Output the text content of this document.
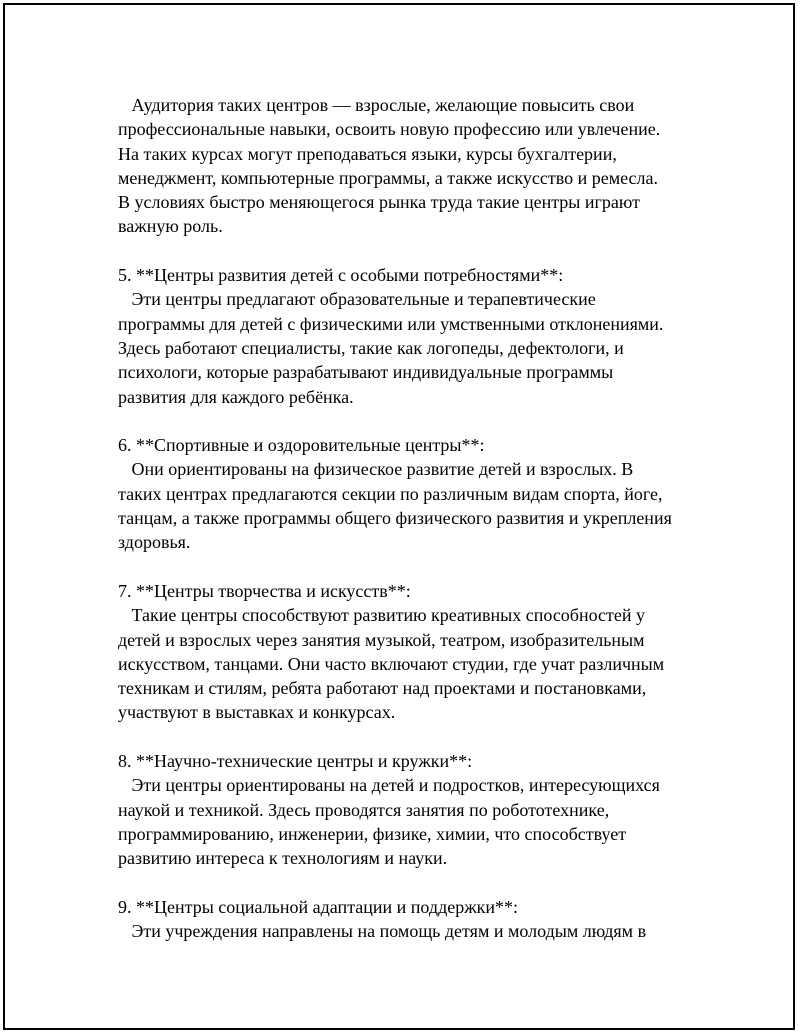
Аудитория таких центров — взрослые, желающие повысить свои
профессиональные навыки, освоить новую профессию или увлечение.
На таких курсах могут преподаваться языки, курсы бухгалтерии,
менеджмент, компьютерные программы, а также искусство и ремесла.
В условиях быстро меняющегося рынка труда такие центры играют
важную роль.
5. **Центры развития детей с особыми потребностями**:
Эти центры предлагают образовательные и терапевтические
программы для детей с физическими или умственными отклонениями.
Здесь работают специалисты, такие как логопеды, дефектологи, и
психологи, которые разрабатывают индивидуальные программы
развития для каждого ребёнка.
6. **Спортивные и оздоровительные центры**:
Они ориентированы на физическое развитие детей и взрослых. В
таких центрах предлагаются секции по различным видам спорта, йоге,
танцам, а также программы общего физического развития и укрепления
здоровья.
7. **Центры творчества и искусств**:
Такие центры способствуют развитию креативных способностей у
детей и взрослых через занятия музыкой, театром, изобразительным
искусством, танцами. Они часто включают студии, где учат различным
техникам и стилям, ребята работают над проектами и постановками,
участвуют в выставках и конкурсах.
8. **Научно-технические центры и кружки**:
Эти центры ориентированы на детей и подростков, интересующихся
наукой и техникой. Здесь проводятся занятия по робототехнике,
программированию, инженерии, физике, химии, что способствует
развитию интереса к технологиям и науки.
9. **Центры социальной адаптации и поддержки**:
Эти учреждения направлены на помощь детям и молодым людям в
